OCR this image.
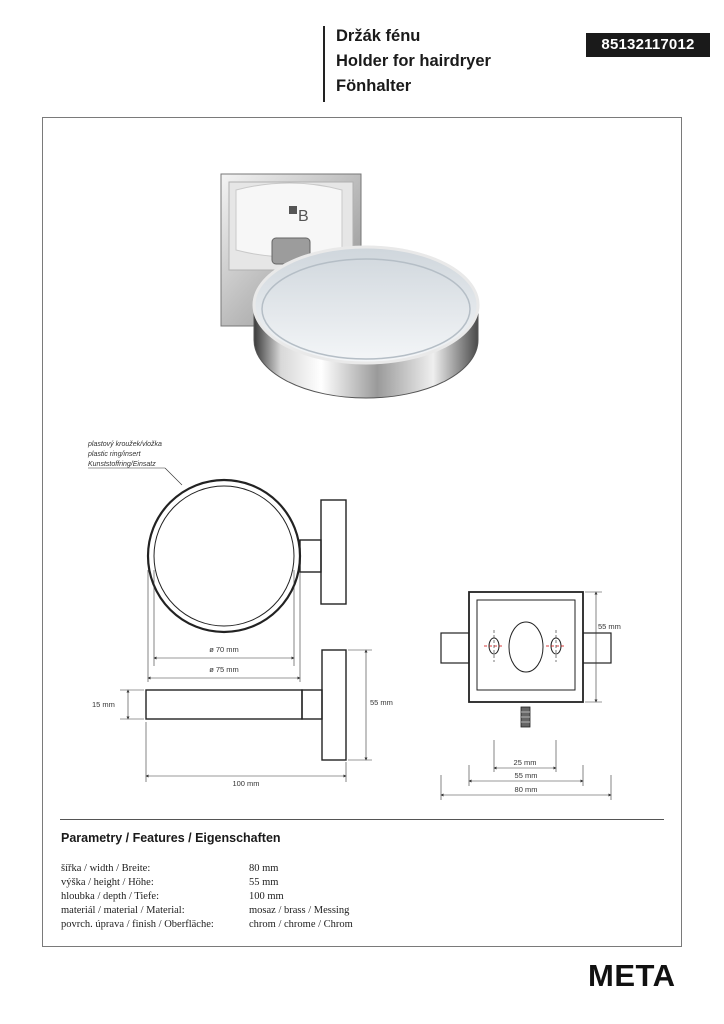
Držák fénu
Holder for hairdryer
Fönhalter
85132117012
B
plastový kroužek/vložka
plastic ring/insert
Kunststoffring/Einsatz
ø 70 mm
ø 75 mm
15 mm
100 mm
55 mm
55 mm
25 mm
55 mm
80 mm
Parametry / Features / Eigenschaften
šířka / width / Breite:	80 mm
výška / height / Höhe:	55 mm
hloubka / depth / Tiefe:	100 mm
materiál / material / Material:	mosaz / brass / Messing
povrch. úprava / finish / Oberfläche:	chrom / chrome / Chrom
META
